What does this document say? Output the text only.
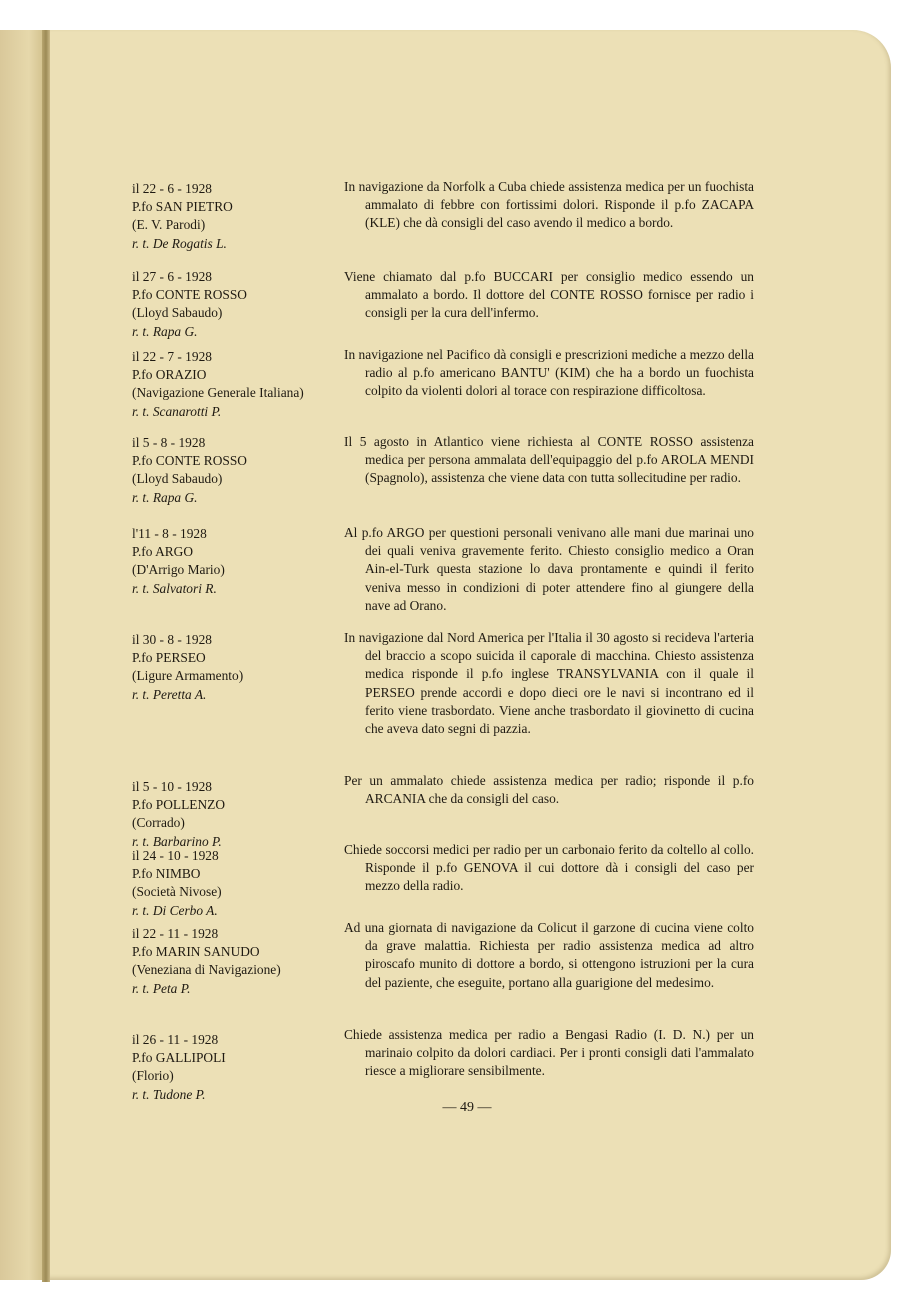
il 22 - 6 - 1928
P.fo SAN PIETRO
(E. V. Parodi)
r. t. De Rogatis L.

In navigazione da Norfolk a Cuba chiede assistenza medica per un fuochista ammalato di febbre con fortissimi dolori. Risponde il p.fo ZACAPA (KLE) che dà consigli del caso avendo il medico a bordo.

il 27 - 6 - 1928
P.fo CONTE ROSSO
(Lloyd Sabaudo)
r. t. Rapa G.

Viene chiamato dal p.fo BUCCARI per consiglio medico essendo un ammalato a bordo. Il dottore del CONTE ROSSO fornisce per radio i consigli per la cura dell'infermo.

il 22 - 7 - 1928
P.fo ORAZIO
(Navigazione Generale Italiana)
r. t. Scanarotti P.

In navigazione nel Pacifico dà consigli e prescrizioni mediche a mezzo della radio al p.fo americano BANTU' (KIM) che ha a bordo un fuochista colpito da violenti dolori al torace con respirazione difficoltosa.

il 5 - 8 - 1928
P.fo CONTE ROSSO
(Lloyd Sabaudo)
r. t. Rapa G.

Il 5 agosto in Atlantico viene richiesta al CONTE ROSSO assistenza medica per persona ammalata dell'equipaggio del p.fo AROLA MENDI (Spagnolo), assistenza che viene data con tutta sollecitudine per radio.

l'11 - 8 - 1928
P.fo ARGO
(D'Arrigo Mario)
r. t. Salvatori R.

Al p.fo ARGO per questioni personali venivano alle mani due marinai uno dei quali veniva gravemente ferito. Chiesto consiglio medico a Oran Ain-el-Turk questa stazione lo dava prontamente e quindi il ferito veniva messo in condizioni di poter attendere fino al giungere della nave ad Orano.

il 30 - 8 - 1928
P.fo PERSEO
(Ligure Armamento)
r. t. Peretta A.

In navigazione dal Nord America per l'Italia il 30 agosto si recideva l'arteria del braccio a scopo suicida il caporale di macchina. Chiesto assistenza medica risponde il p.fo inglese TRANSYLVANIA con il quale il PERSEO prende accordi e dopo dieci ore le navi si incontrano ed il ferito viene trasbordato. Viene anche trasbordato il giovinetto di cucina che aveva dato segni di pazzia.

il 5 - 10 - 1928
P.fo POLLENZO
(Corrado)
r. t. Barbarino P.

Per un ammalato chiede assistenza medica per radio; risponde il p.fo ARCANIA che da consigli del caso.

il 24 - 10 - 1928
P.fo NIMBO
(Società Nivose)
r. t. Di Cerbo A.

Chiede soccorsi medici per radio per un carbonaio ferito da coltello al collo. Risponde il p.fo GENOVA il cui dottore dà i consigli del caso per mezzo della radio.

il 22 - 11 - 1928
P.fo MARIN SANUDO
(Veneziana di Navigazione)
r. t. Peta P.

Ad una giornata di navigazione da Colicut il garzone di cucina viene colto da grave malattia. Richiesta per radio assistenza medica ad altro piroscafo munito di dottore a bordo, si ottengono istruzioni per la cura del paziente, che eseguite, portano alla guarigione del medesimo.

il 26 - 11 - 1928
P.fo GALLIPOLI
(Florio)
r. t. Tudone P.

Chiede assistenza medica per radio a Bengasi Radio (I. D. N.) per un marinaio colpito da dolori cardiaci. Per i pronti consigli dati l'ammalato riesce a migliorare sensibilmente.

— 49 —
